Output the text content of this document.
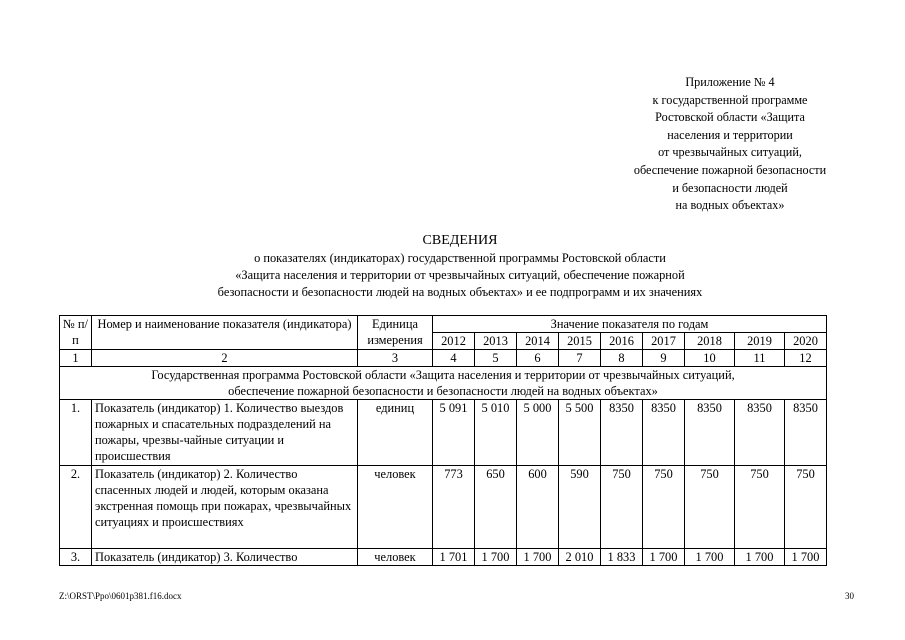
Приложение № 4
к государственной программе
Ростовской области «Защита
населения и территории
от чрезвычайных ситуаций,
обеспечение пожарной безопасности
и безопасности людей
на водных объектах»
СВЕДЕНИЯ
о показателях (индикаторах) государственной программы Ростовской области
«Защита населения и территории от чрезвычайных ситуаций, обеспечение пожарной
безопасности и безопасности людей на водных объектах» и ее подпрограмм и их значениях
№ п/п	Номер и наименование показателя (индикатора)	Единица измерения	Значение показателя по годам								
			2012	2013	2014	2015	2016	2017	2018	2019	2020
1	2	3	4	5	6	7	8	9	10	11	12
Государственная программа Ростовской области «Защита населения и территории от чрезвычайных ситуаций, обеспечение пожарной безопасности и безопасности людей на водных объектах»											
1.	Показатель (индикатор) 1. Количество выездов пожарных и спасательных подразделений на пожары, чрезвы-чайные ситуации и происшествия	единиц	5 091	5 010	5 000	5 500	8350	8350	8350	8350	8350
2.	Показатель (индикатор) 2. Количество спасенных людей и людей, которым оказана экстренная помощь при пожарах, чрезвычайных ситуациях и происшествиях	человек	773	650	600	590	750	750	750	750	750
3.	Показатель (индикатор) 3. Количество	человек	1 701	1 700	1 700	2 010	1 833	1 700	1 700	1 700	1 700
Z:\ORST\Ppo\0601p381.f16.docx	30
